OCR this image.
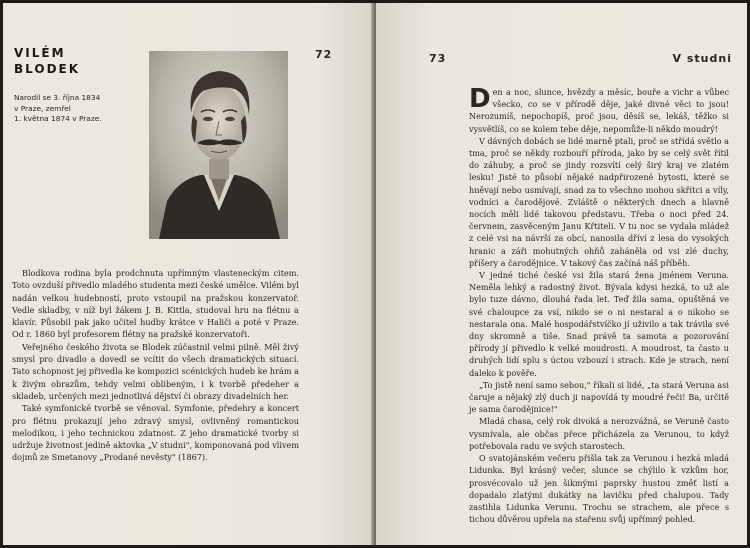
VILÉM
BLODEK
Narodil se 3. října 1834
v Praze, zemřel
1. května 1874 v Praze.
72

Blodkova rodina byla prodchnuta upřímným vlasteneckým citem. Toto ovzduší přivedlo mladého studenta mezi české umělce. Vilém byl nadán velkou hudebností, proto vstoupil na pražskou konzervatoř. Vedle skladby, v níž byl žákem J. B. Kittla, studoval hru na flétnu a klavír. Působil pak jako učitel hudby krátce v Haliči a poté v Praze. Od r. 1860 byl profesorem flétny na pražské konzervatoři.

Veřejného českého života se Blodek zúčastnil velmi pilně. Měl živý smysl pro divadlo a dovedl se vcítit do všech dramatických situací. Tato schopnost jej přivedla ke kompozici scénických hudeb ke hrám a k živým obrazům, tehdy velmi oblibeným, i k tvorbě předeher a skladeb, určených mezi jednotlivá dějství či obrazy divadelních her.

Také symfonické tvorbě se věnoval. Symfonie, předehry a koncert pro flétnu prokazují jeho zdravý smysl, ovlivněný romantickou melodikou, i jeho technickou zdatnost. Z jeho dramatické tvorby si udržuje životnost jedině aktovka „V studni", komponovaná pod vlivem dojmů ze Smetanovy „Prodané nevěsty" (1867).

73	V studni

Den a noc, slunce, hvězdy a měsíc, bouře a vichr a vůbec všecko, co se v přírodě děje, jaké divné věci to jsou! Nerozumíš, nepochopíš, proč jsou, děsíš se, lekáš, těžko si vysvětlíš, co se kolem tebe děje, nepomůže-li někdo moudrý!

V dávných dobách se lidé marně ptali, proč se střídá světlo a tma, proč se někdy rozbouří příroda, jako by se celý svět řítil do záhuby, a proč se jindy rozsvítí celý širý kraj ve zlatém lesku! Jisté to působí nějaké nadpřirozené bytosti, které se hněvají nebo usmívají, snad za to všechno mohou skřítci a víly, vodníci a čarodějové. Zvláště o některých dnech a hlavně nocích měli lidé takovou představu. Třeba o noci před 24. červnem, zasvěceným Janu Křtiteli. V tu noc se vydala mládež z celé vsi na návrší za obcí, nanosila dříví z lesa do vysokých hranic a záři mohutných ohňů zaháněla od vsi zlé duchy, příšery a čarodějnice. V takový čas začíná náš příběh.

V jedné tiché české vsi žila stará žena jménem Veruna. Neměla lehký a radostný život. Bývala kdysi hezká, to už ale bylo tuze dávno, dlouhá řada let. Teď žila sama, opuštěná ve své chaloupce za vsí, nikdo se o ni nestaral a o nikoho se nestarala ona. Malé hospodářstvíčko jí uživilo a tak trávila své dny skromně a tiše. Snad právě ta samota a pozorování přírody jí přivedlo k velké moudrosti. A moudrost, ta často u druhých lidí splu s úctou vzbouzí i strach. Kde je strach, není daleko k pověře.

„To jistě není samo sebou," říkali si lidé, „ta stará Veruna asi čaruje a nějaký zlý duch ji napovídá ty moudré řeči! Ba, určitě je sama čarodějnice!"

Mladá chasa, celý rok divoká a nerozvážná, se Veruně často vysmívala, ale občas přece přicházela za Verunou, to když potřebovala radu ve svých starostech.

O svatojánském večeru přišla tak za Verunou i hezká mladá Lidunka. Byl krásný večer, slunce se chýlilo k vzkům hor, prosvécovalo už jen šikmými paprsky hustou změť listí a dopadalo zlatými dukátky na lavičku před chalupou. Tady zastihla Lidunka Verunu. Trochu se strachem, ale přece s tichou důvěrou upřela na stařenu svůj upřímný pohled.
